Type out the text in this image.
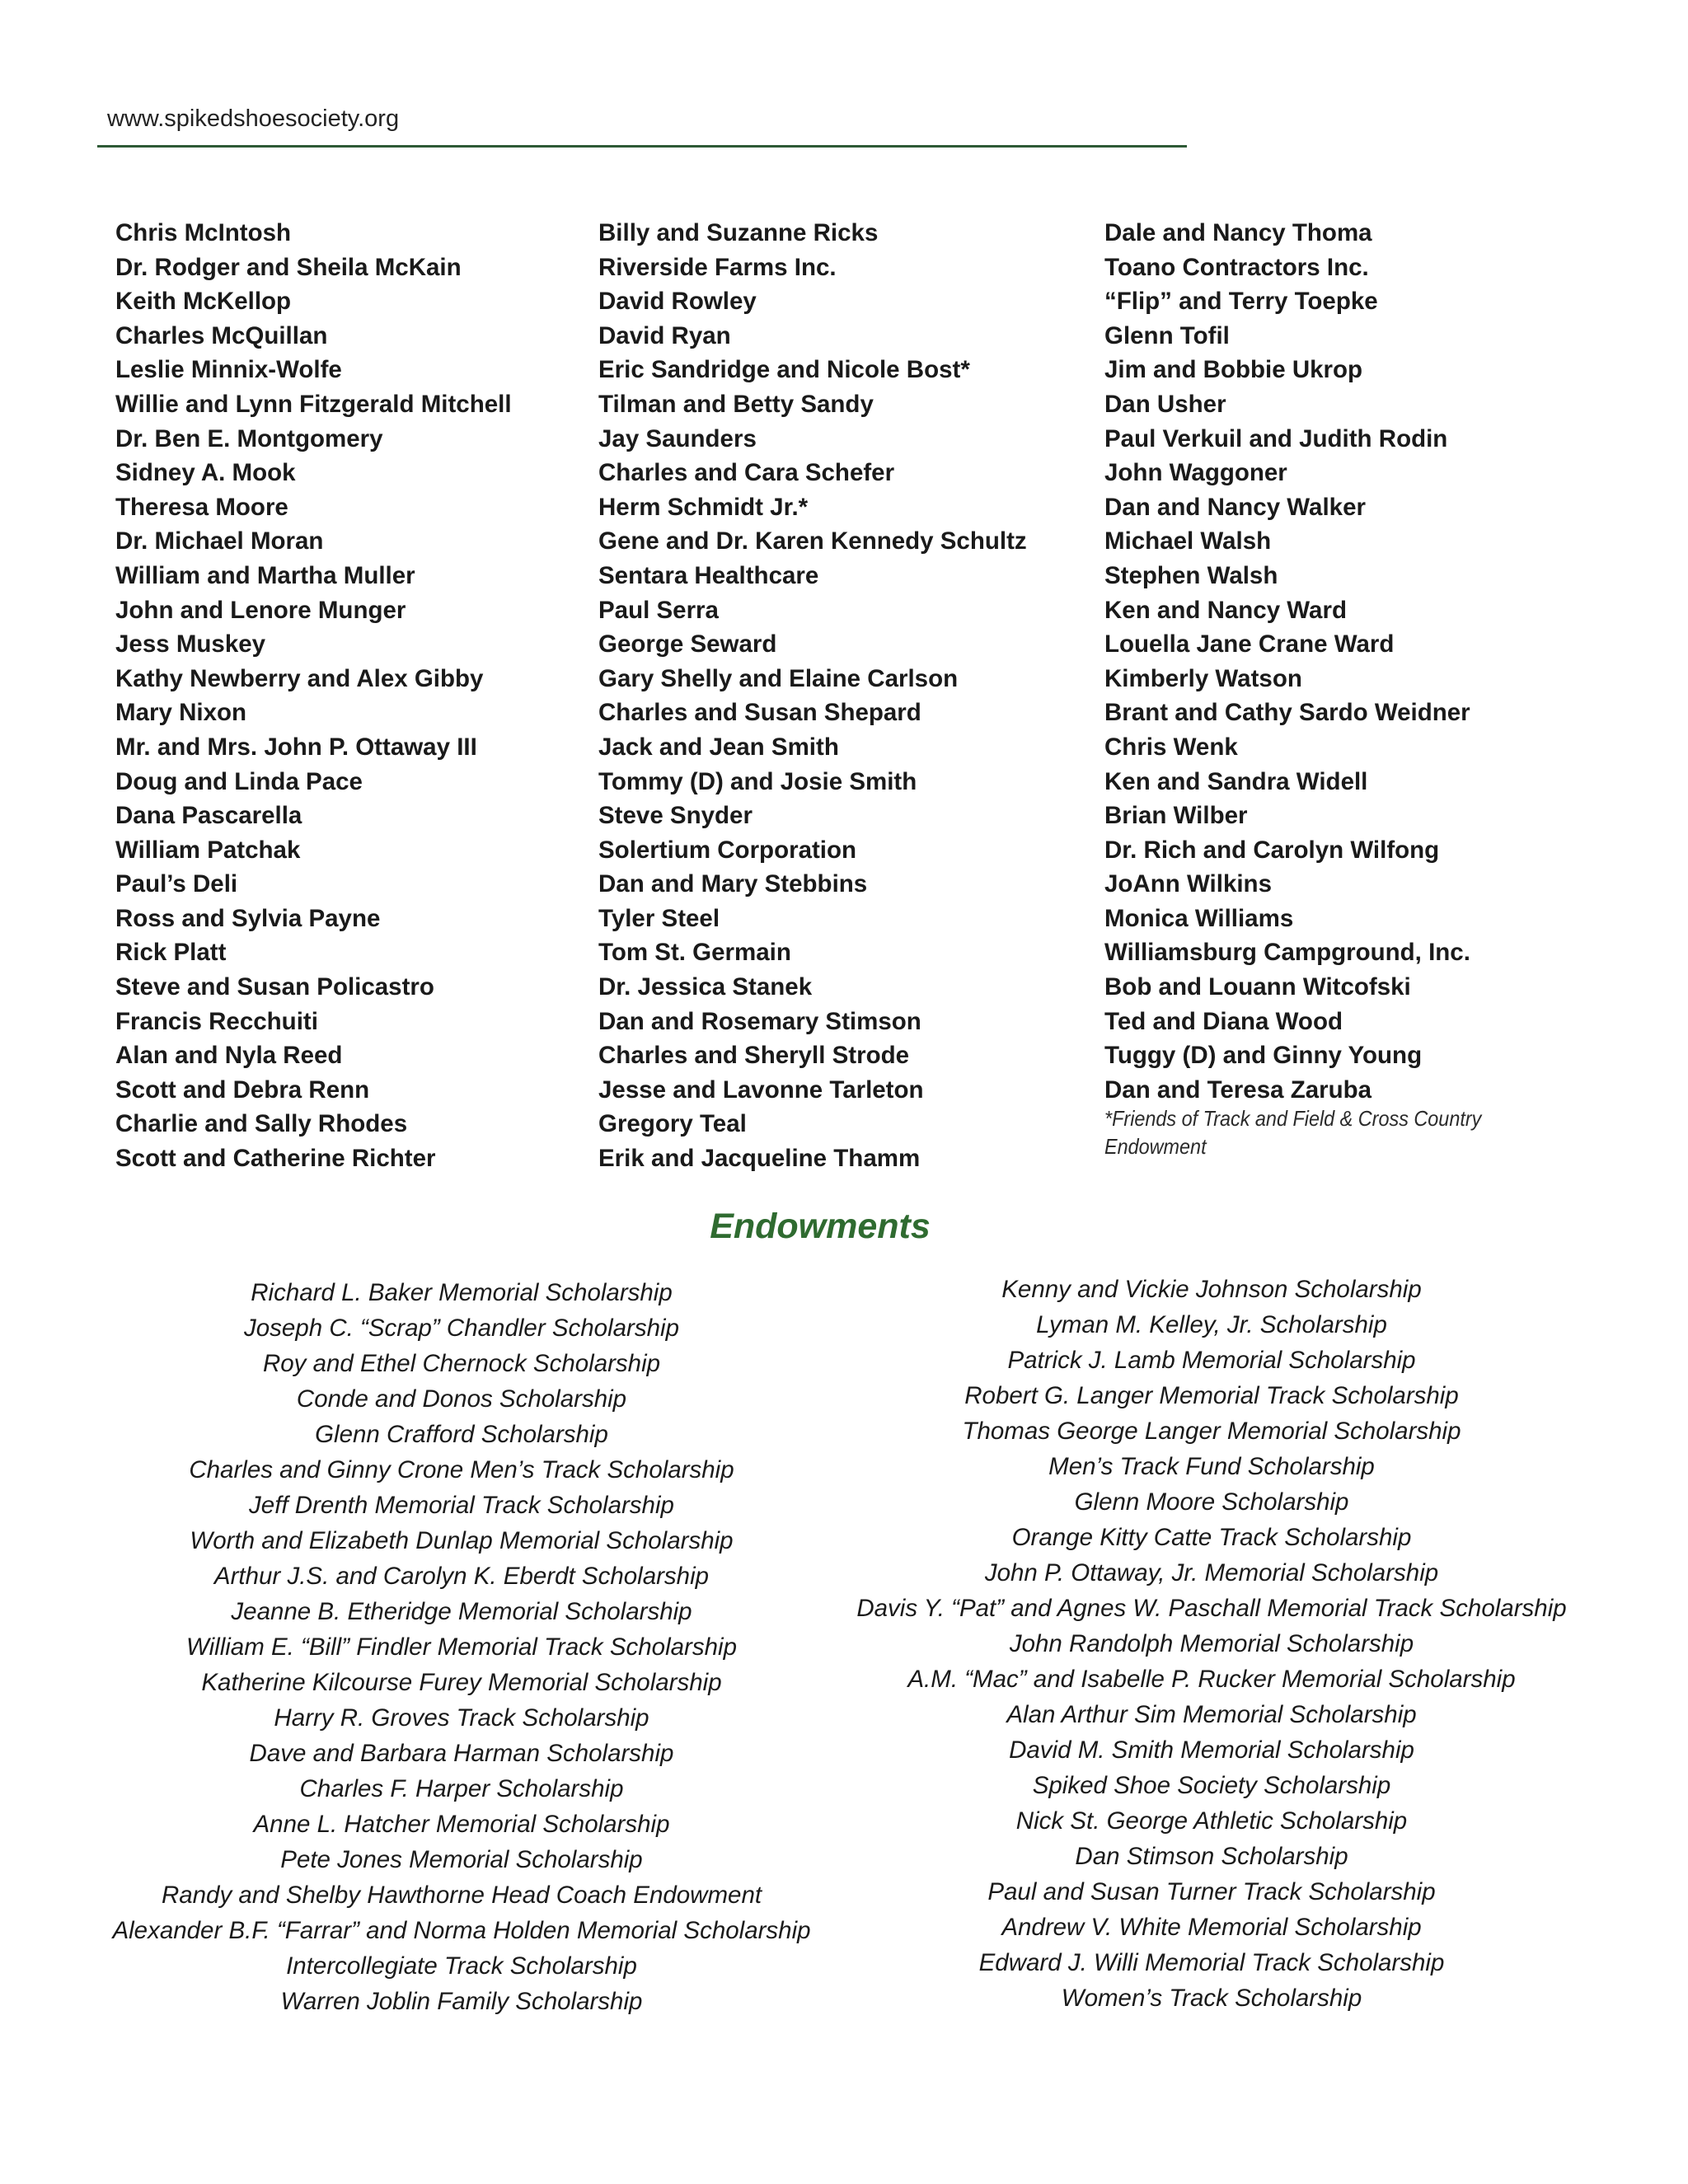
www.spikedshoesociety.org
Chris McIntosh
Dr. Rodger and Sheila McKain
Keith McKellop
Charles McQuillan
Leslie Minnix-Wolfe
Willie and Lynn Fitzgerald Mitchell
Dr. Ben E. Montgomery
Sidney A. Mook
Theresa Moore
Dr. Michael Moran
William and Martha Muller
John and Lenore Munger
Jess Muskey
Kathy Newberry and Alex Gibby
Mary Nixon
Mr. and Mrs. John P. Ottaway III
Doug and Linda Pace
Dana Pascarella
William Patchak
Paul’s Deli
Ross and Sylvia Payne
Rick Platt
Steve and Susan Policastro
Francis Recchuiti
Alan and Nyla Reed
Scott and Debra Renn
Charlie and Sally Rhodes
Scott and Catherine Richter
Billy and Suzanne Ricks
Riverside Farms Inc.
David Rowley
David Ryan
Eric Sandridge and Nicole Bost*
Tilman and Betty Sandy
Jay Saunders
Charles and Cara Schefer
Herm Schmidt Jr.*
Gene and Dr. Karen Kennedy Schultz
Sentara Healthcare
Paul Serra
George Seward
Gary Shelly and Elaine Carlson
Charles and Susan Shepard
Jack and Jean Smith
Tommy (D) and Josie Smith
Steve Snyder
Solertium Corporation
Dan and Mary Stebbins
Tyler Steel
Tom St. Germain
Dr. Jessica Stanek
Dan and Rosemary Stimson
Charles and Sheryll Strode
Jesse and Lavonne Tarleton
Gregory Teal
Erik and Jacqueline Thamm
Dale and Nancy Thoma
Toano Contractors Inc.
“Flip” and Terry Toepke
Glenn Tofil
Jim and Bobbie Ukrop
Dan Usher
Paul Verkuil and Judith Rodin
John Waggoner
Dan and Nancy Walker
Michael Walsh
Stephen Walsh
Ken and Nancy Ward
Louella Jane Crane Ward
Kimberly Watson
Brant and Cathy Sardo Weidner
Chris Wenk
Ken and Sandra Widell
Brian Wilber
Dr. Rich and Carolyn Wilfong
JoAnn Wilkins
Monica Williams
Williamsburg Campground, Inc.
Bob and Louann Witcofski
Ted and Diana Wood
Tuggy (D) and Ginny Young
Dan and Teresa Zaruba
*Friends of Track and Field & Cross Country Endowment
Endowments
Richard L. Baker Memorial Scholarship
Joseph C. “Scrap” Chandler Scholarship
Roy and Ethel Chernock Scholarship
Conde and Donos Scholarship
Glenn Crafford Scholarship
Charles and Ginny Crone Men’s Track Scholarship
Jeff Drenth Memorial Track Scholarship
Worth and Elizabeth Dunlap Memorial Scholarship
Arthur J.S. and Carolyn K. Eberdt Scholarship
Jeanne B. Etheridge Memorial Scholarship
William E. “Bill” Findler Memorial Track Scholarship
Katherine Kilcourse Furey Memorial Scholarship
Harry R. Groves Track Scholarship
Dave and Barbara Harman Scholarship
Charles F. Harper Scholarship
Anne L. Hatcher Memorial Scholarship
Pete Jones Memorial Scholarship
Randy and Shelby Hawthorne Head Coach Endowment
Alexander B.F. “Farrar” and Norma Holden Memorial Scholarship
Intercollegiate Track Scholarship
Warren Joblin Family Scholarship
Kenny and Vickie Johnson Scholarship
Lyman M. Kelley, Jr. Scholarship
Patrick J. Lamb Memorial Scholarship
Robert G. Langer Memorial Track Scholarship
Thomas George Langer Memorial Scholarship
Men’s Track Fund Scholarship
Glenn Moore Scholarship
Orange Kitty Catte Track Scholarship
John P. Ottaway, Jr. Memorial Scholarship
Davis Y. “Pat” and Agnes W. Paschall Memorial Track Scholarship
John Randolph Memorial Scholarship
A.M. “Mac” and Isabelle P. Rucker Memorial Scholarship
Alan Arthur Sim Memorial Scholarship
David M. Smith Memorial Scholarship
Spiked Shoe Society Scholarship
Nick St. George Athletic Scholarship
Dan Stimson Scholarship
Paul and Susan Turner Track Scholarship
Andrew V. White Memorial Scholarship
Edward J. Willi Memorial Track Scholarship
Women’s Track Scholarship
